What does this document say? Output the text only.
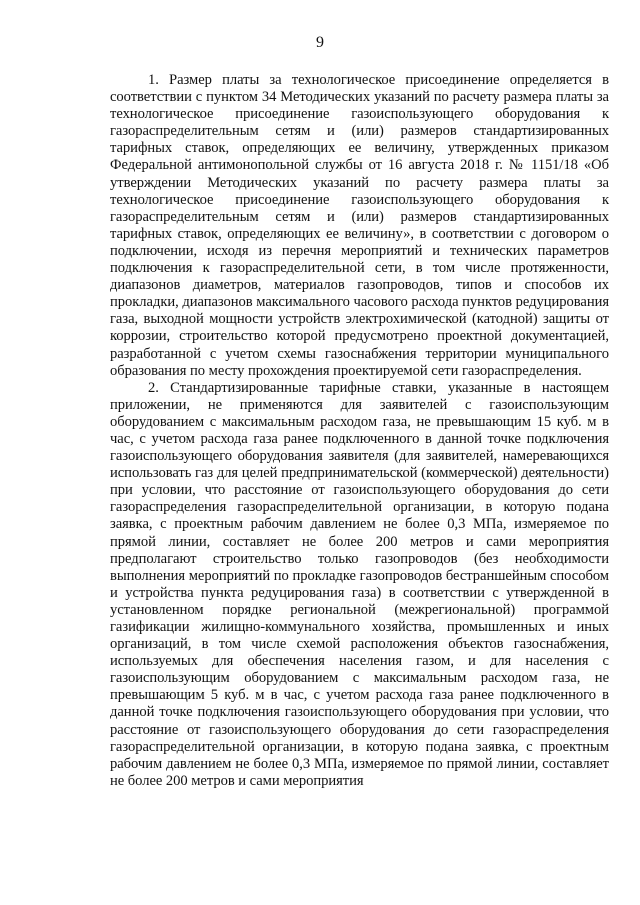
9

1. Размер платы за технологическое присоединение определяется в соответствии с пунктом 34 Методических указаний по расчету размера платы за технологическое присоединение газоиспользующего оборудования к газораспределительным сетям и (или) размеров стандартизированных тарифных ставок, определяющих ее величину, утвержденных приказом Федеральной антимонопольной службы от 16 августа 2018 г. № 1151/18 «Об утверждении Методических указаний по расчету размера платы за технологическое присоединение газоиспользующего оборудования к газораспределительным сетям и (или) размеров стандартизированных тарифных ставок, определяющих ее величину», в соответствии с договором о подключении, исходя из перечня мероприятий и технических параметров подключения к газораспределительной сети, в том числе протяженности, диапазонов диаметров, материалов газопроводов, типов и способов их прокладки, диапазонов максимального часового расхода пунктов редуцирования газа, выходной мощности устройств электрохимической (катодной) защиты от коррозии, строительство которой предусмотрено проектной документацией, разработанной с учетом схемы газоснабжения территории муниципального образования по месту прохождения проектируемой сети газораспределения.

2. Стандартизированные тарифные ставки, указанные в настоящем приложении, не применяются для заявителей с газоиспользующим оборудованием с максимальным расходом газа, не превышающим 15 куб. м в час, с учетом расхода газа ранее подключенного в данной точке подключения газоиспользующего оборудования заявителя (для заявителей, намеревающихся использовать газ для целей предпринимательской (коммерческой) деятельности) при условии, что расстояние от газоиспользующего оборудования до сети газораспределения газораспределительной организации, в которую подана заявка, с проектным рабочим давлением не более 0,3 МПа, измеряемое по прямой линии, составляет не более 200 метров и сами мероприятия предполагают строительство только газопроводов (без необходимости выполнения мероприятий по прокладке газопроводов бестраншейным способом и устройства пункта редуцирования газа) в соответствии с утвержденной в установленном порядке региональной (межрегиональной) программой газификации жилищно-коммунального хозяйства, промышленных и иных организаций, в том числе схемой расположения объектов газоснабжения, используемых для обеспечения населения газом, и для населения с газоиспользующим оборудованием с максимальным расходом газа, не превышающим 5 куб. м в час, с учетом расхода газа ранее подключенного в данной точке подключения газоиспользующего оборудования при условии, что расстояние от газоиспользующего оборудования до сети газораспределения газораспределительной организации, в которую подана заявка, с проектным рабочим давлением не более 0,3 МПа, измеряемое по прямой линии, составляет не более 200 метров и сами мероприятия
